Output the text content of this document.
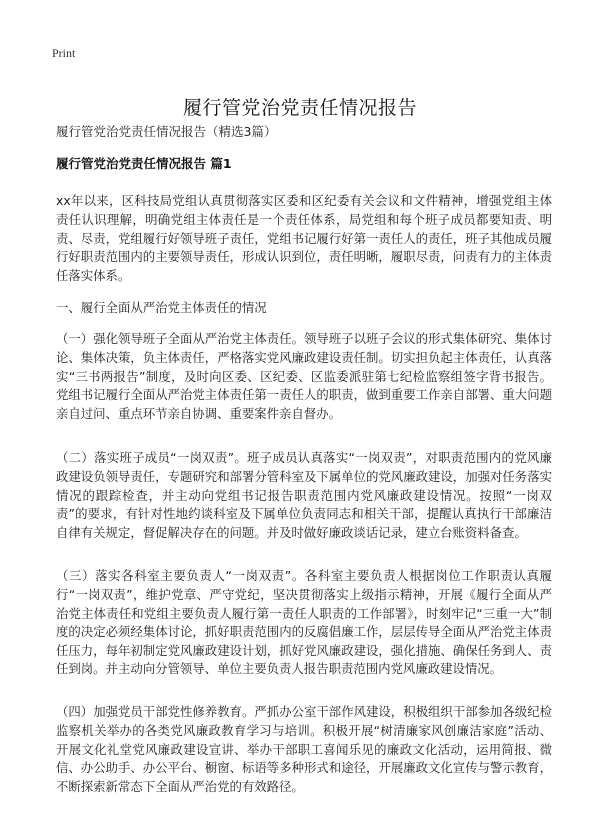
Print
履行管党治党责任情况报告
履行管党治党责任情况报告（精选3篇）
履行管党治党责任情况报告 篇1

xx年以来，区科技局党组认真贯彻落实区委和区纪委有关会议和文件精神，增强党组主体责任认识理解，明确党组主体责任是一个责任体系，局党组和每个班子成员都要知责、明责、尽责，党组履行好领导班子责任，党组书记履行好第一责任人的责任，班子其他成员履行好职责范围内的主要领导责任，形成认识到位，责任明晰，履职尽责，问责有力的主体责任落实体系。

一、履行全面从严治党主体责任的情况

（一）强化领导班子全面从严治党主体责任。领导班子以班子会议的形式集体研究、集体讨论、集体决策，负主体责任，严格落实党风廉政建设责任制。切实担负起主体责任，认真落实“三书两报告”制度，及时向区委、区纪委、区监委派驻第七纪检监察组签字背书报告。党组书记履行全面从严治党主体责任第一责任人的职责，做到重要工作亲自部署、重大问题亲自过问、重点环节亲自协调、重要案件亲自督办。

（二）落实班子成员“一岗双责”。班子成员认真落实“一岗双责”，对职责范围内的党风廉政建设负领导责任，专题研究和部署分管科室及下属单位的党风廉政建设，加强对任务落实情况的跟踪检查，并主动向党组书记报告职责范围内党风廉政建设情况。按照“一岗双责”的要求，有针对性地约谈科室及下属单位负责同志和相关干部，提醒认真执行干部廉洁自律有关规定，督促解决存在的问题。并及时做好廉政谈话记录，建立台账资料备查。

（三）落实各科室主要负责人“一岗双责”。各科室主要负责人根据岗位工作职责认真履行“一岗双责”，维护党章、严守党纪，坚决贯彻落实上级指示精神，开展《履行全面从严治党主体责任和党组主要负责人履行第一责任人职责的工作部署》，时刻牢记“三重一大”制度的决定必须经集体讨论，抓好职责范围内的反腐倡廉工作，层层传导全面从严治党主体责任压力，每年初制定党风廉政建设计划，抓好党风廉政建设，强化措施、确保任务到人、责任到岗。并主动向分管领导、单位主要负责人报告职责范围内党风廉政建设情况。

（四）加强党员干部党性修养教育。严抓办公室干部作风建设，积极组织干部参加各级纪检监察机关举办的各类党风廉政教育学习与培训。积极开展“树清廉家风创廉洁家庭”活动、开展文化礼堂党风廉政建设宣讲、举办干部职工喜闻乐见的廉政文化活动，运用简报、微信、办公助手、办公平台、橱窗、标语等多种形式和途径，开展廉政文化宣传与警示教育，不断探索新常态下全面从严治党的有效路径。
